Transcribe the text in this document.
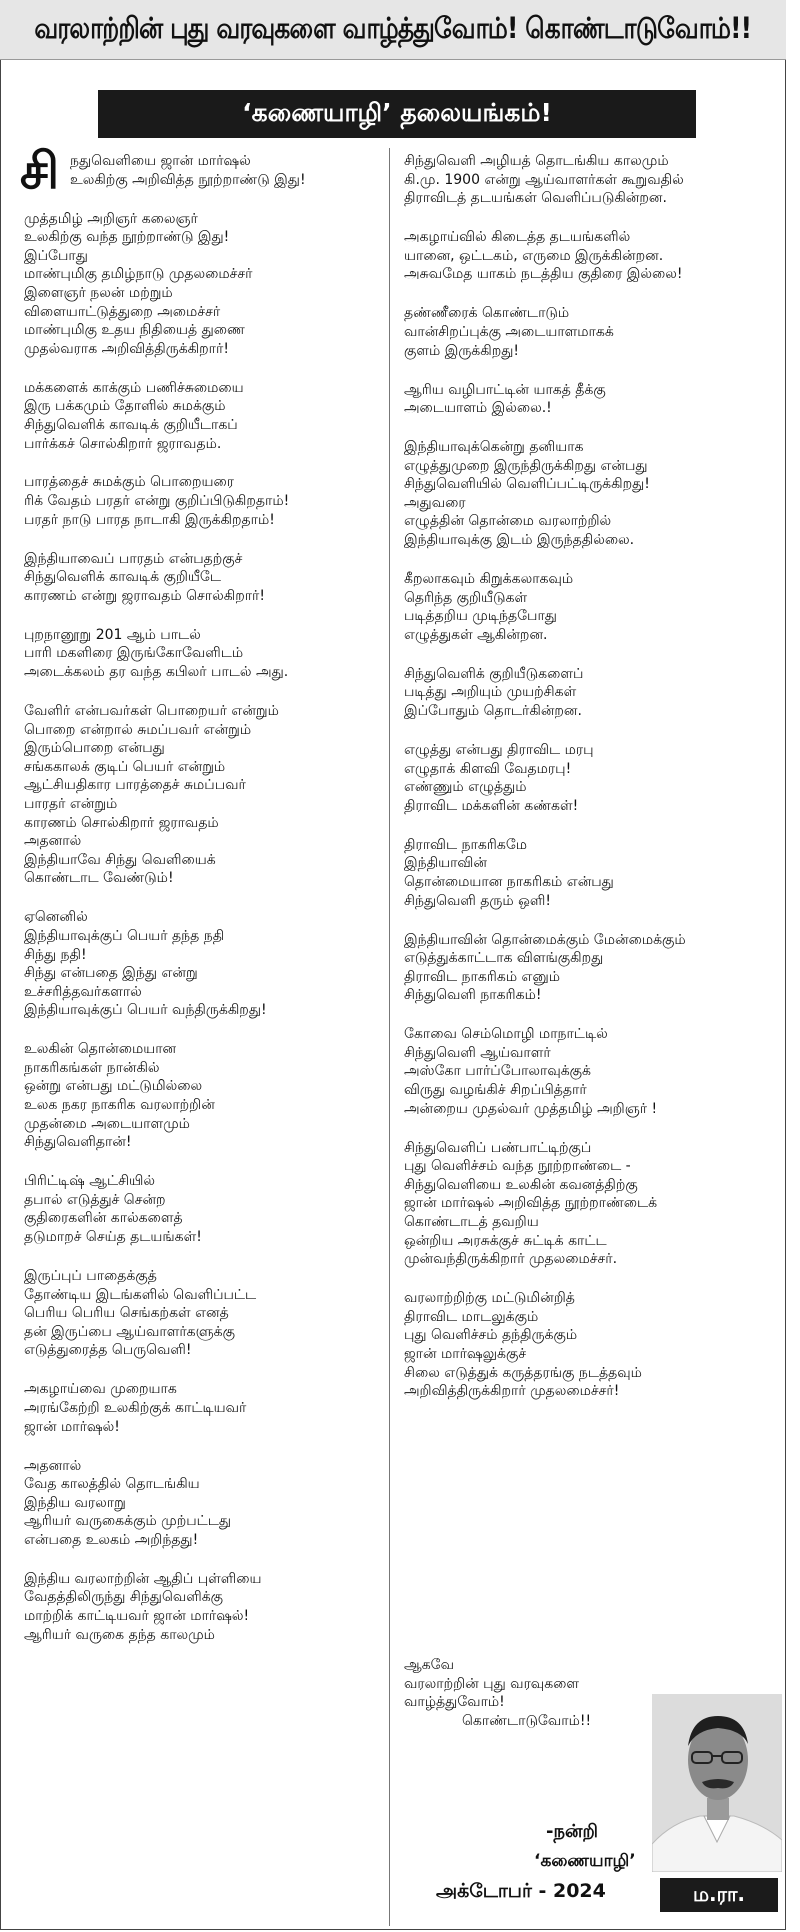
வரலாற்றின் புது வரவுகளை வாழ்த்துவோம்! கொண்டாடுவோம்!!
‘கணையாழி’ தலையங்கம்!
சி நதுவெளியை ஜான் மார்ஷல்
உலகிற்கு அறிவித்த நூற்றாண்டு இது!
முத்தமிழ் அறிஞர் கலைஞர்
உலகிற்கு வந்த நூற்றாண்டு இது!
இப்போது
மாண்புமிகு தமிழ்நாடு முதலமைச்சர்
இளைஞர் நலன் மற்றும்
விளையாட்டுத்துறை அமைச்சர்
மாண்புமிகு உதய நிதியைத் துணை
முதல்வராக அறிவித்திருக்கிறார்!
மக்களைக் காக்கும் பணிச்சுமையை
இரு பக்கமும் தோளில் சுமக்கும்
சிந்துவெளிக் காவடிக் குறியீடாகப்
பார்க்கச் சொல்கிறார் ஜராவதம்.
பாரத்தைச் சுமக்கும் பொறையரை
ரிக் வேதம் பரதர் என்று குறிப்பிடுகிறதாம்!
பரதர் நாடு பாரத நாடாகி இருக்கிறதாம்!
இந்தியாவைப் பாரதம் என்பதற்குச்
சிந்துவெளிக் காவடிக் குறியீடே
காரணம் என்று ஜராவதம் சொல்கிறார்!
புறநானூறு 201 ஆம் பாடல்
பாரி மகளிரை இருங்கோவேளிடம்
அடைக்கலம் தர வந்த கபிலர் பாடல் அது.
வேளிர் என்பவர்கள் பொறையர் என்றும்
பொறை என்றால் சுமப்பவர் என்றும்
இரும்பொறை என்பது
சங்ககாலக் குடிப் பெயர் என்றும்
ஆட்சியதிகார பாரத்தைச் சுமப்பவர்
பாரதர் என்றும்
காரணம் சொல்கிறார் ஜராவதம்
அதனால்
இந்தியாவே சிந்து வெளியைக்
கொண்டாட வேண்டும்!
ஏனெனில்
இந்தியாவுக்குப் பெயர் தந்த நதி
சிந்து நதி!
சிந்து என்பதை இந்து என்று
உச்சரித்தவர்களால்
இந்தியாவுக்குப் பெயர் வந்திருக்கிறது!
உலகின் தொன்மையான
நாகரிகங்கள் நான்கில்
ஒன்று என்பது மட்டுமில்லை
உலக நகர நாகரிக வரலாற்றின்
முதன்மை அடையாளமும்
சிந்துவெளிதான்!
பிரிட்டிஷ் ஆட்சியில்
தபால் எடுத்துச் சென்ற
குதிரைகளின் கால்களைத்
தடுமாறச் செய்த தடயங்கள்!
இருப்புப் பாதைக்குத்
தோண்டிய இடங்களில் வெளிப்பட்ட
பெரிய பெரிய செங்கற்கள் எனத்
தன் இருப்பை ஆய்வாளர்களுக்கு
எடுத்துரைத்த பெருவெளி!
அகழாய்வை முறையாக
அரங்கேற்றி உலகிற்குக் காட்டியவர்
ஜான் மார்ஷல்!
அதனால்
வேத காலத்தில் தொடங்கிய
இந்திய வரலாறு
ஆரியர் வருகைக்கும் முற்பட்டது
என்பதை உலகம் அறிந்தது!
இந்திய வரலாற்றின் ஆதிப் புள்ளியை
வேதத்திலிருந்து சிந்துவெளிக்கு
மாற்றிக் காட்டியவர் ஜான் மார்ஷல்!
ஆரியர் வருகை தந்த காலமும்
சிந்துவெளி அழியத் தொடங்கிய காலமும்
கி.மு. 1900 என்று ஆய்வாளர்கள் கூறுவதில்
திராவிடத் தடயங்கள் வெளிப்படுகின்றன.
அகழாய்வில் கிடைத்த தடயங்களில்
யானை, ஒட்டகம், எருமை இருக்கின்றன.
அசுவமேத யாகம் நடத்திய குதிரை இல்லை!
தண்ணீரைக் கொண்டாடும்
வான்சிறப்புக்கு அடையாளமாகக்
குளம் இருக்கிறது!
ஆரிய வழிபாட்டின் யாகத் தீக்கு
அடையாளம் இல்லை.!
இந்தியாவுக்கென்று தனியாக
எழுத்துமுறை இருந்திருக்கிறது என்பது
சிந்துவெளியில் வெளிப்பட்டிருக்கிறது!
அதுவரை
எழுத்தின் தொன்மை வரலாற்றில்
இந்தியாவுக்கு இடம் இருந்ததில்லை.
கீறலாகவும் கிறுக்கலாகவும்
தெரிந்த குறியீடுகள்
படித்தறிய முடிந்தபோது
எழுத்துகள் ஆகின்றன.
சிந்துவெளிக் குறியீடுகளைப்
படித்து அறியும் முயற்சிகள்
இப்போதும் தொடர்கின்றன.
எழுத்து என்பது திராவிட மரபு
எழுதாக் கிளவி வேதமரபு!
எண்ணும் எழுத்தும்
திராவிட மக்களின் கண்கள்!
திராவிட நாகரிகமே
இந்தியாவின்
தொன்மையான நாகரிகம் என்பது
சிந்துவெளி தரும் ஒளி!
இந்தியாவின் தொன்மைக்கும் மேன்மைக்கும்
எடுத்துக்காட்டாக விளங்குகிறது
திராவிட நாகரிகம் எனும்
சிந்துவெளி நாகரிகம்!
கோவை செம்மொழி மாநாட்டில்
சிந்துவெளி ஆய்வாளர்
அஸ்கோ பார்ப்போலாவுக்குக்
விருது வழங்கிச் சிறப்பித்தார்
அன்றைய முதல்வர் முத்தமிழ் அறிஞர் !
சிந்துவெளிப் பண்பாட்டிற்குப்
புது வெளிச்சம் வந்த நூற்றாண்டை -
சிந்துவெளியை உலகின் கவனத்திற்கு
ஜான் மார்ஷல் அறிவித்த நூற்றாண்டைக்
கொண்டாடத் தவறிய
ஒன்றிய அரசுக்குச் சுட்டிக் காட்ட
முன்வந்திருக்கிறார் முதலமைச்சர்.
வரலாற்றிற்கு மட்டுமின்றித்
திராவிட மாடலுக்கும்
புது வெளிச்சம் தந்திருக்கும்
ஜான் மார்ஷலுக்குச்
சிலை எடுத்துக் கருத்தரங்கு நடத்தவும்
அறிவித்திருக்கிறார் முதலமைச்சர்!
ஆகவே
வரலாற்றின் புது வரவுகளை
வாழ்த்துவோம்!
கொண்டாடுவோம்!!
-நன்றி
‘கணையாழி’
அக்டோபர் - 2024	ம.ரா.
